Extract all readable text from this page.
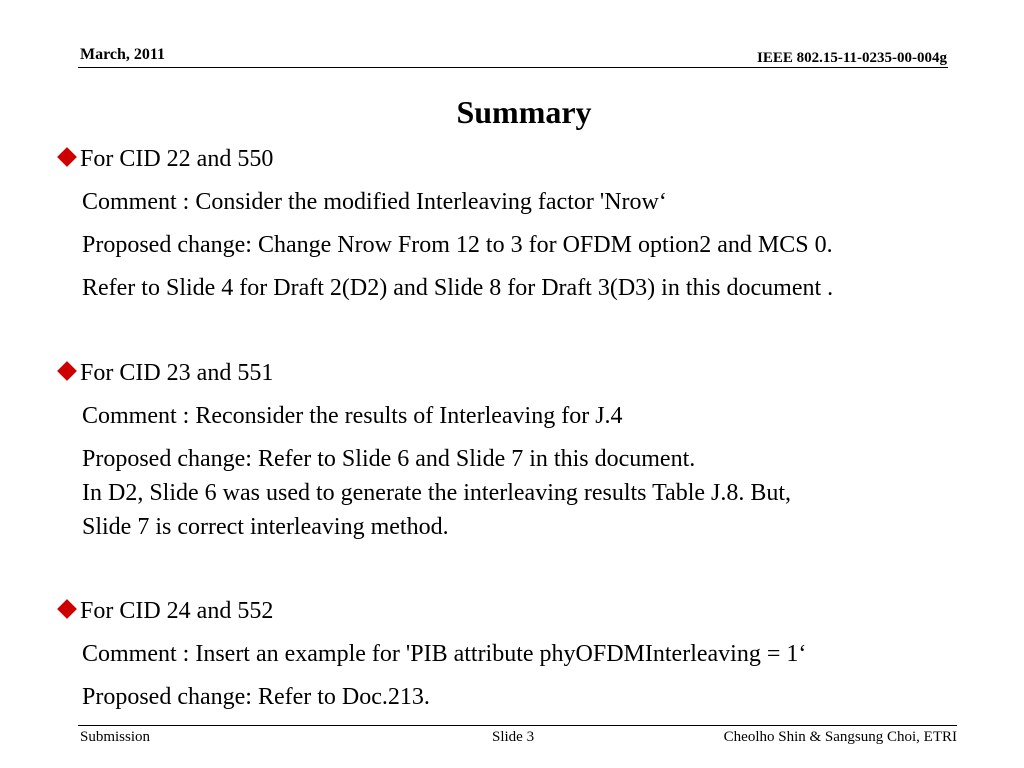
March, 2011	IEEE 802.15-11-0235-00-004g
Summary
For CID 22 and 550
Comment : Consider the modified Interleaving factor 'Nrow‘
Proposed change: Change Nrow From 12 to 3 for OFDM option2 and MCS 0.
Refer to Slide 4 for Draft 2(D2) and Slide 8 for Draft 3(D3) in this document .
For CID 23 and 551
Comment : Reconsider the results of Interleaving for J.4
Proposed change: Refer to Slide 6 and Slide 7 in this document.
In D2, Slide 6 was used to generate the interleaving results Table J.8. But,
Slide 7 is correct interleaving method.
For CID 24 and 552
Comment : Insert an example for 'PIB attribute phyOFDMInterleaving = 1‘
Proposed change: Refer to Doc.213.
Submission	Slide 3	Cheolho Shin & Sangsung Choi, ETRI
